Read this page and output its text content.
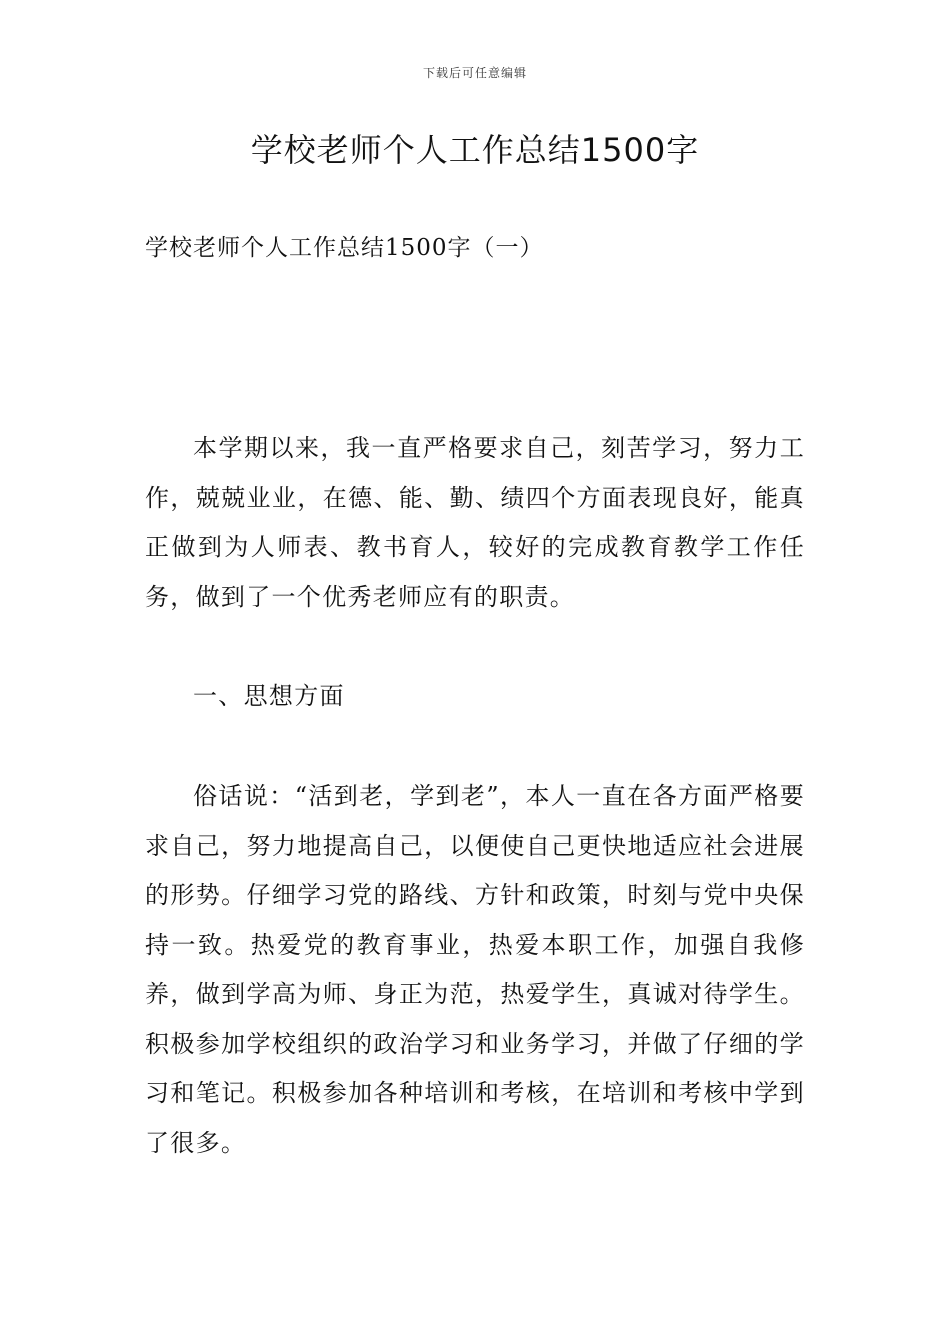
下载后可任意编辑
学校老师个人工作总结1500字

学校老师个人工作总结1500字（一）

本学期以来，我一直严格要求自己，刻苦学习，努力工作，兢兢业业，在德、能、勤、绩四个方面表现良好，能真正做到为人师表、教书育人，较好的完成教育教学工作任务，做到了一个优秀老师应有的职责。

一、思想方面

俗话说：“活到老，学到老”，本人一直在各方面严格要求自己，努力地提高自己，以便使自己更快地适应社会进展的形势。仔细学习党的路线、方针和政策，时刻与党中央保持一致。热爱党的教育事业，热爱本职工作，加强自我修养，做到学高为师、身正为范，热爱学生，真诚对待学生。积极参加学校组织的政治学习和业务学习，并做了仔细的学习和笔记。积极参加各种培训和考核，在培训和考核中学到了很多。
